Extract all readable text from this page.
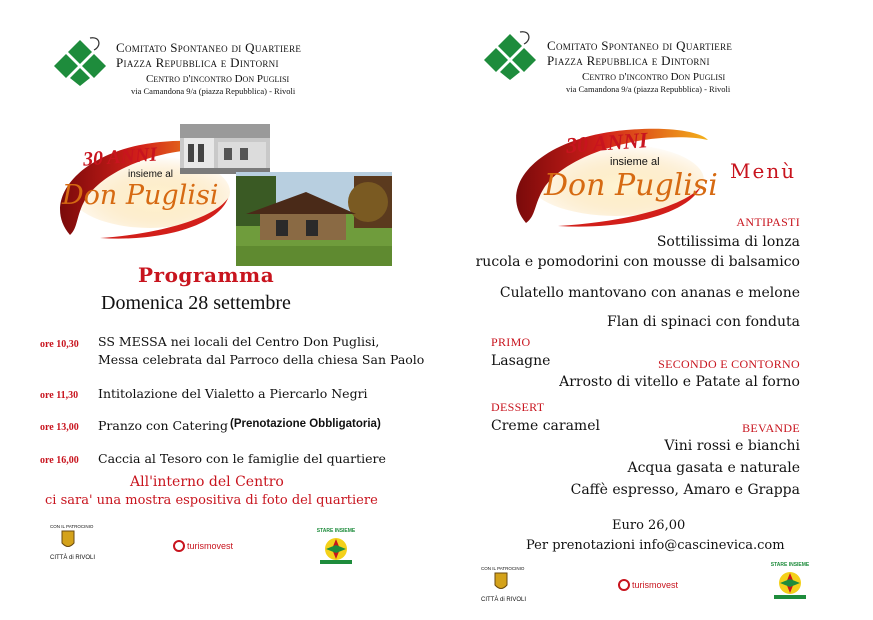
Comitato Spontaneo di Quartiere
Piazza Repubblica e Dintorni
Centro d'incontro Don Puglisi
via Camandona 9/a (piazza Repubblica) - Rivoli
30 ANNI
insieme al
Don Puglisi
Programma
Domenica 28 settembre
ore 10,30 SS MESSA nei locali del Centro Don Puglisi,
Messa celebrata dal Parroco della chiesa San Paolo
ore 11,30 Intitolazione del Vialetto a Piercarlo Negri
ore 13,00 Pranzo con Catering (Prenotazione Obbligatoria)
ore 16,00 Caccia al Tesoro con le famiglie del quartiere
All'interno del Centro
ci sara' una mostra espositiva di foto del quartiere
CON IL PATROCINIO
CITTÀ di RIVOLI
turismovest
STARE INSIEME
Comitato Spontaneo di Quartiere
Piazza Repubblica e Dintorni
Centro d'incontro Don Puglisi
via Camandona 9/a (piazza Repubblica) - Rivoli
30 ANNI
insieme al
Don Puglisi Menù
ANTIPASTI
Sottilissima di lonza
rucola e pomodorini con mousse di balsamico
Culatello mantovano con ananas e melone
Flan di spinaci con fonduta
PRIMO
Lasagne	SECONDO E CONTORNO
Arrosto di vitello e Patate al forno
DESSERT
Creme caramel	BEVANDE
Vini rossi e bianchi
Acqua gasata e naturale
Caffè espresso, Amaro e Grappa
Euro 26,00
Per prenotazioni info@cascinevica.com
CON IL PATROCINIO
CITTÀ di RIVOLI
turismovest
STARE INSIEME
